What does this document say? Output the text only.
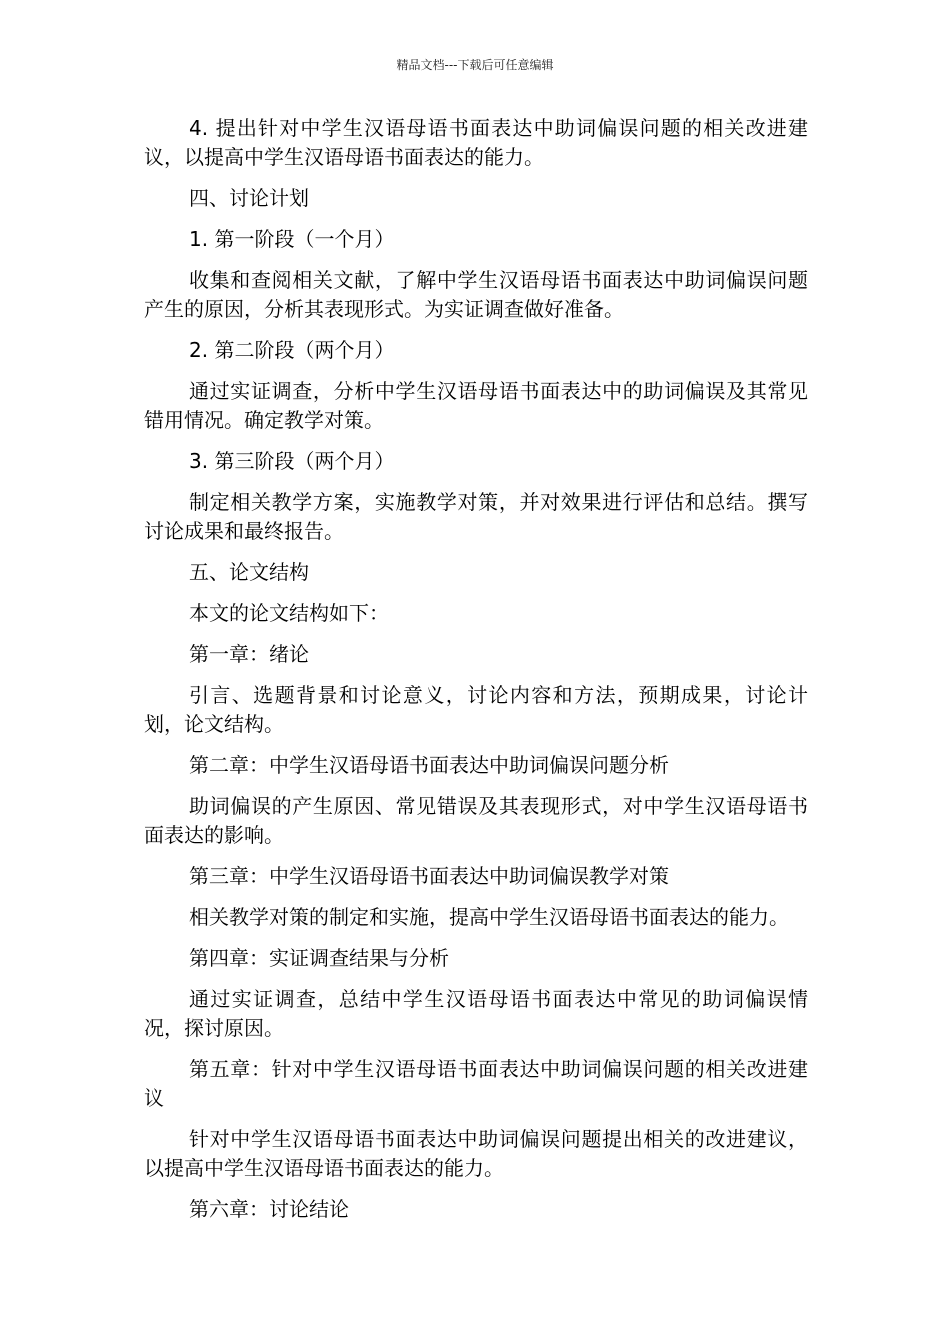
精品文档---下载后可任意编辑

4. 提出针对中学生汉语母语书面表达中助词偏误问题的相关改进建议，以提高中学生汉语母语书面表达的能力。

四、讨论计划

1. 第一阶段（一个月）

收集和查阅相关文献，了解中学生汉语母语书面表达中助词偏误问题产生的原因，分析其表现形式。为实证调查做好准备。

2. 第二阶段（两个月）

通过实证调查，分析中学生汉语母语书面表达中的助词偏误及其常见错用情况。确定教学对策。

3. 第三阶段（两个月）

制定相关教学方案，实施教学对策，并对效果进行评估和总结。撰写讨论成果和最终报告。

五、论文结构

本文的论文结构如下：

第一章：绪论

引言、选题背景和讨论意义，讨论内容和方法，预期成果，讨论计划，论文结构。

第二章：中学生汉语母语书面表达中助词偏误问题分析

助词偏误的产生原因、常见错误及其表现形式，对中学生汉语母语书面表达的影响。

第三章：中学生汉语母语书面表达中助词偏误教学对策

相关教学对策的制定和实施，提高中学生汉语母语书面表达的能力。

第四章：实证调查结果与分析

通过实证调查，总结中学生汉语母语书面表达中常见的助词偏误情况，探讨原因。

第五章：针对中学生汉语母语书面表达中助词偏误问题的相关改进建议

针对中学生汉语母语书面表达中助词偏误问题提出相关的改进建议，以提高中学生汉语母语书面表达的能力。

第六章：讨论结论
